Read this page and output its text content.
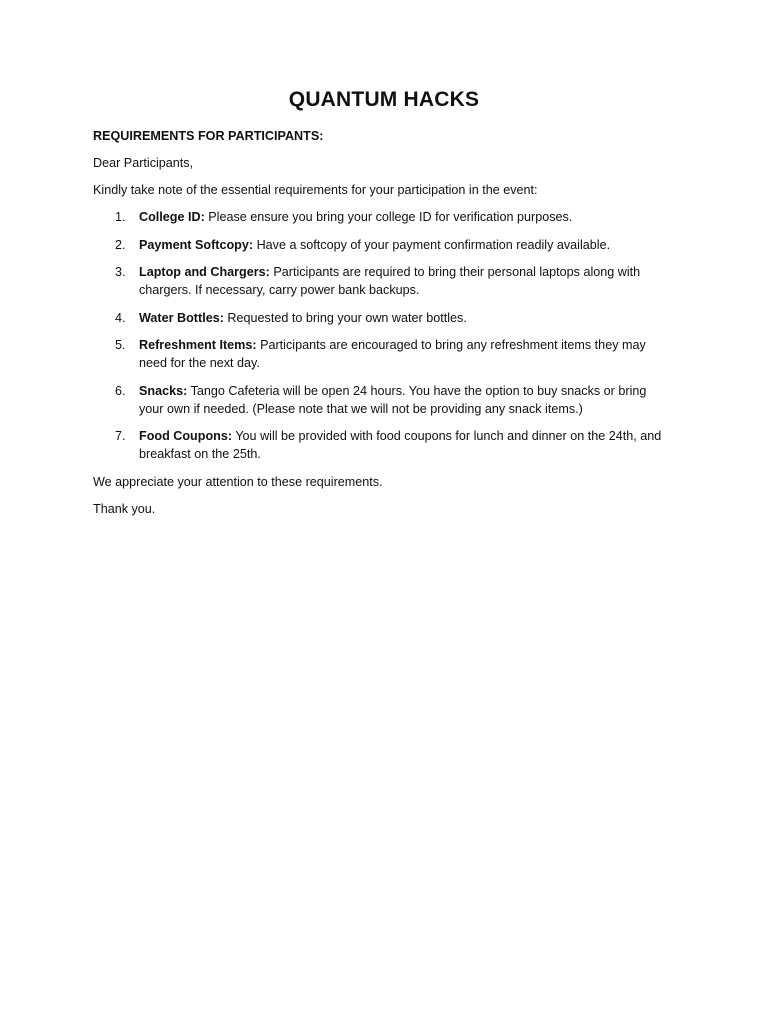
QUANTUM HACKS

REQUIREMENTS FOR PARTICIPANTS:

Dear Participants,

Kindly take note of the essential requirements for your participation in the event:

1. College ID: Please ensure you bring your college ID for verification purposes.
2. Payment Softcopy: Have a softcopy of your payment confirmation readily available.
3. Laptop and Chargers: Participants are required to bring their personal laptops along with chargers. If necessary, carry power bank backups.
4. Water Bottles: Requested to bring your own water bottles.
5. Refreshment Items: Participants are encouraged to bring any refreshment items they may need for the next day.
6. Snacks: Tango Cafeteria will be open 24 hours. You have the option to buy snacks or bring your own if needed. (Please note that we will not be providing any snack items.)
7. Food Coupons: You will be provided with food coupons for lunch and dinner on the 24th, and breakfast on the 25th.

We appreciate your attention to these requirements.

Thank you.
